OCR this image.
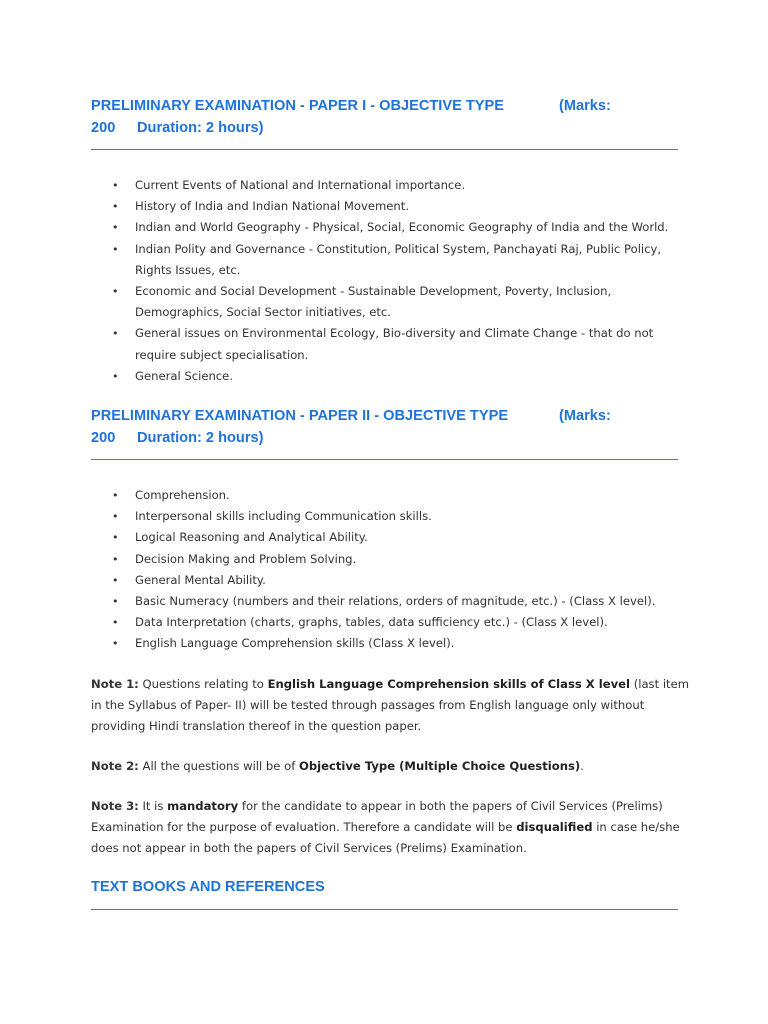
PRELIMINARY EXAMINATION - PAPER I - OBJECTIVE TYPE	(Marks:
200 Duration: 2 hours)
• Current Events of National and International importance.
• History of India and Indian National Movement.
• Indian and World Geography - Physical, Social, Economic Geography of India and the World.
• Indian Polity and Governance - Constitution, Political System, Panchayati Raj, Public Policy, Rights Issues, etc.
• Economic and Social Development - Sustainable Development, Poverty, Inclusion, Demographics, Social Sector initiatives, etc.
• General issues on Environmental Ecology, Bio-diversity and Climate Change - that do not require subject specialisation.
• General Science.
PRELIMINARY EXAMINATION - PAPER II - OBJECTIVE TYPE	(Marks:
200 Duration: 2 hours)
• Comprehension.
• Interpersonal skills including Communication skills.
• Logical Reasoning and Analytical Ability.
• Decision Making and Problem Solving.
• General Mental Ability.
• Basic Numeracy (numbers and their relations, orders of magnitude, etc.) - (Class X level).
• Data Interpretation (charts, graphs, tables, data sufficiency etc.) - (Class X level).
• English Language Comprehension skills (Class X level).

Note 1: Questions relating to English Language Comprehension skills of Class X level (last item in the Syllabus of Paper- II) will be tested through passages from English language only without providing Hindi translation thereof in the question paper.

Note 2: All the questions will be of Objective Type (Multiple Choice Questions).

Note 3: It is mandatory for the candidate to appear in both the papers of Civil Services (Prelims) Examination for the purpose of evaluation. Therefore a candidate will be disqualified in case he/she does not appear in both the papers of Civil Services (Prelims) Examination.

TEXT BOOKS AND REFERENCES
